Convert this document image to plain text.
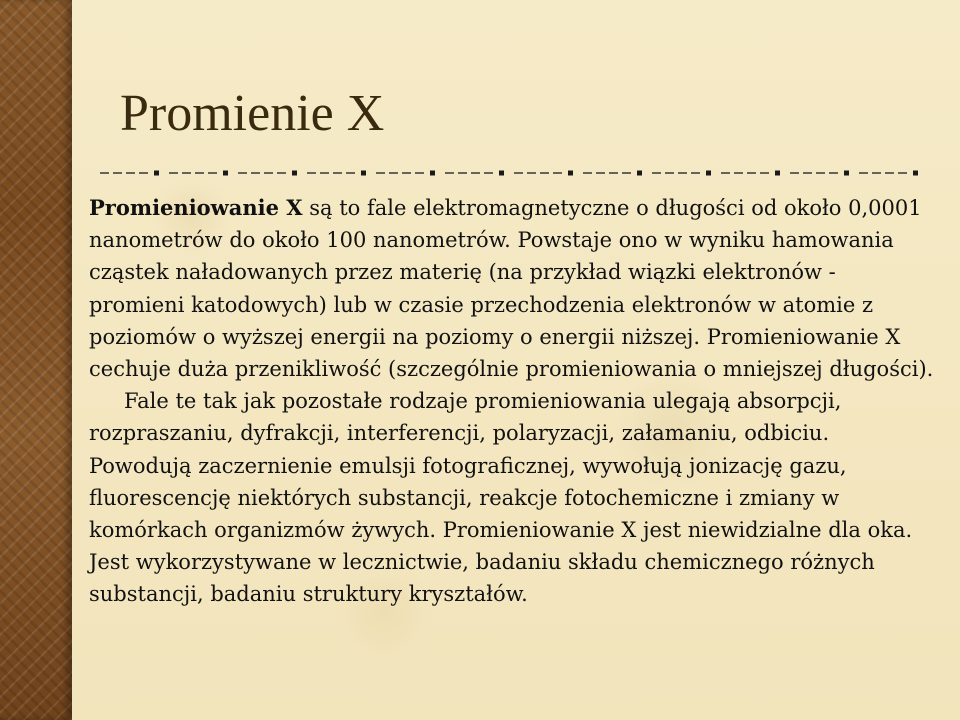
Promienie X

Promieniowanie X są to fale elektromagnetyczne o długości od około 0,0001 nanometrów do około 100 nanometrów. Powstaje ono w wyniku hamowania cząstek naładowanych przez materię (na przykład wiązki elektronów - promieni katodowych) lub w czasie przechodzenia elektronów w atomie z poziomów o wyższej energii na poziomy o energii niższej. Promieniowanie X cechuje duża przenikliwość (szczególnie promieniowania o mniejszej długości).

Fale te tak jak pozostałe rodzaje promieniowania ulegają absorpcji, rozpraszaniu, dyfrakcji, interferencji, polaryzacji, załamaniu, odbiciu. Powodują zaczernienie emulsji fotograficznej, wywołują jonizację gazu, fluorescencję niektórych substancji, reakcje fotochemiczne i zmiany w komórkach organizmów żywych. Promieniowanie X jest niewidzialne dla oka. Jest wykorzystywane w lecznictwie, badaniu składu chemicznego różnych substancji, badaniu struktury kryształów.
